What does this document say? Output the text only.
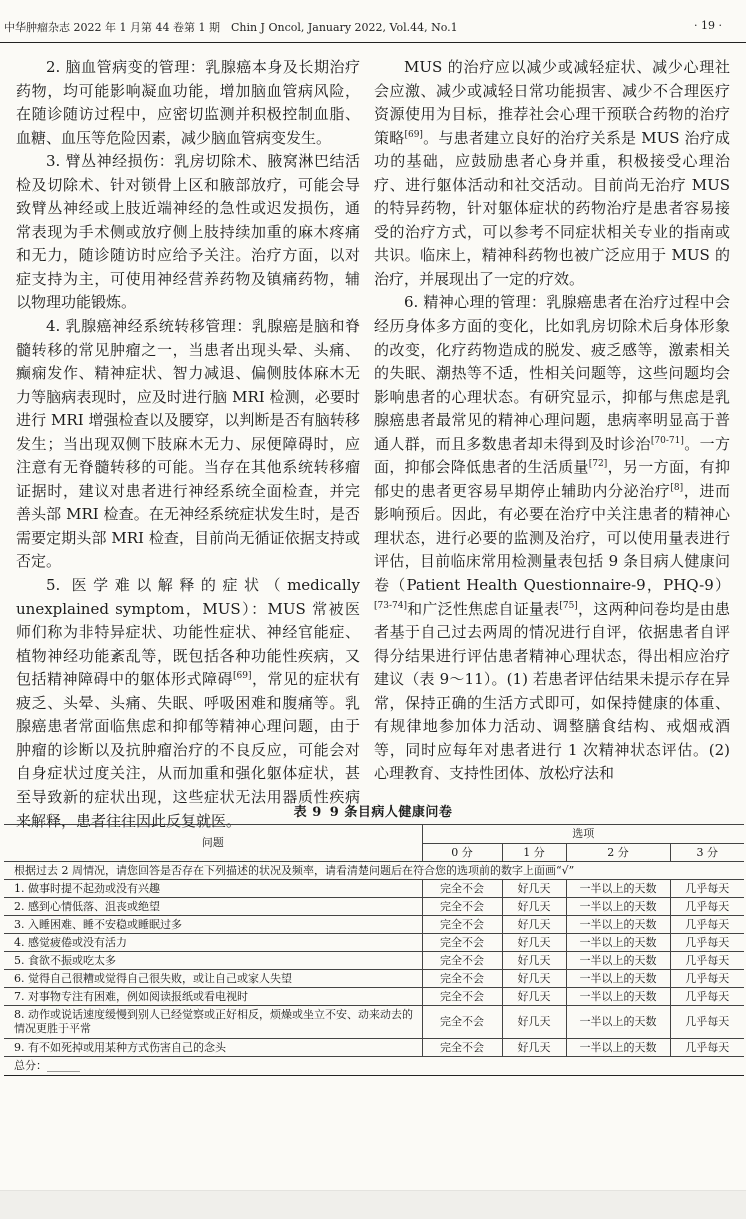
中华肿瘤杂志 2022 年 1 月第 44 卷第 1 期　Chin J Oncol, January 2022, Vol.44, No.1	· 19 ·

2. 脑血管病变的管理：乳腺癌本身及长期治疗药物，均可能影响凝血功能，增加脑血管病风险，在随诊随访过程中，应密切监测并积极控制血脂、血糖、血压等危险因素，减少脑血管病变发生。

3. 臂丛神经损伤：乳房切除术、腋窝淋巴结活检及切除术、针对锁骨上区和腋部放疗，可能会导致臂丛神经或上肢近端神经的急性或迟发损伤，通常表现为手术侧或放疗侧上肢持续加重的麻木疼痛和无力，随诊随访时应给予关注。治疗方面，以对症支持为主，可使用神经营养药物及镇痛药物，辅以物理功能锻炼。

4. 乳腺癌神经系统转移管理：乳腺癌是脑和脊髓转移的常见肿瘤之一，当患者出现头晕、头痛、癫痫发作、精神症状、智力减退、偏侧肢体麻木无力等脑病表现时，应及时进行脑 MRI 检测，必要时进行 MRI 增强检查以及腰穿，以判断是否有脑转移发生；当出现双侧下肢麻木无力、尿便障碍时，应注意有无脊髓转移的可能。当存在其他系统转移瘤证据时，建议对患者进行神经系统全面检查，并完善头部 MRI 检查。在无神经系统症状发生时，是否需要定期头部 MRI 检查，目前尚无循证依据支持或否定。

5. 医学难以解释的症状（medically unexplained symptom，MUS）：MUS 常被医师们称为非特异症状、功能性症状、神经官能症、植物神经功能紊乱等，既包括各种功能性疾病，又包括精神障碍中的躯体形式障碍[69]，常见的症状有疲乏、头晕、头痛、失眠、呼吸困难和腹痛等。乳腺癌患者常面临焦虑和抑郁等精神心理问题，由于肿瘤的诊断以及抗肿瘤治疗的不良反应，可能会对自身症状过度关注，从而加重和强化躯体症状，甚至导致新的症状出现，这些症状无法用器质性疾病来解释，患者往往因此反复就医。

MUS 的治疗应以减少或减轻症状、减少心理社会应激、减少或减轻日常功能损害、减少不合理医疗资源使用为目标，推荐社会心理干预联合药物的治疗策略[69]。与患者建立良好的治疗关系是 MUS 治疗成功的基础，应鼓励患者心身并重，积极接受心理治疗、进行躯体活动和社交活动。目前尚无治疗 MUS 的特异药物，针对躯体症状的药物治疗是患者容易接受的治疗方式，可以参考不同症状相关专业的指南或共识。临床上，精神科药物也被广泛应用于 MUS 的治疗，并展现出了一定的疗效。

6. 精神心理的管理：乳腺癌患者在治疗过程中会经历身体多方面的变化，比如乳房切除术后身体形象的改变，化疗药物造成的脱发、疲乏感等，激素相关的失眠、潮热等不适，性相关问题等，这些问题均会影响患者的心理状态。有研究显示，抑郁与焦虑是乳腺癌患者最常见的精神心理问题，患病率明显高于普通人群，而且多数患者却未得到及时诊治[70-71]。一方面，抑郁会降低患者的生活质量[72]，另一方面，有抑郁史的患者更容易早期停止辅助内分泌治疗[8]，进而影响预后。因此，有必要在治疗中关注患者的精神心理状态，进行必要的监测及治疗，可以使用量表进行评估，目前临床常用检测量表包括 9 条目病人健康问卷（Patient Health Questionnaire-9，PHQ-9）[73-74]和广泛性焦虑自证量表[75]，这两种问卷均是由患者基于自己过去两周的情况进行自评，依据患者自评得分结果进行评估患者精神心理状态，得出相应治疗建议（表 9～11）。(1) 若患者评估结果未提示存在异常，保持正确的生活方式即可，如保持健康的体重、有规律地参加体力活动、调整膳食结构、戒烟戒酒等，同时应每年对患者进行 1 次精神状态评估。(2) 心理教育、支持性团体、放松疗法和

表 9 9 条目病人健康问卷
问题	选项			
	0 分	1 分	2 分	3 分
根据过去 2 周情况，请您回答是否存在下列描述的状况及频率，请看清楚问题后在符合您的选项前的数字上面画“√”				
1. 做事时提不起劲或没有兴趣	完全不会	好几天	一半以上的天数	几乎每天
2. 感到心情低落、沮丧或绝望	完全不会	好几天	一半以上的天数	几乎每天
3. 入睡困难、睡不安稳或睡眠过多	完全不会	好几天	一半以上的天数	几乎每天
4. 感觉疲倦或没有活力	完全不会	好几天	一半以上的天数	几乎每天
5. 食欲不振或吃太多	完全不会	好几天	一半以上的天数	几乎每天
6. 觉得自己很糟或觉得自己很失败，或让自己或家人失望	完全不会	好几天	一半以上的天数	几乎每天
7. 对事物专注有困难，例如阅读报纸或看电视时	完全不会	好几天	一半以上的天数	几乎每天
8. 动作或说话速度缓慢到别人已经觉察或正好相反，烦燥或坐立不安、动来动去的情况更胜于平常	完全不会	好几天	一半以上的天数	几乎每天
9. 有不如死掉或用某种方式伤害自己的念头	完全不会	好几天	一半以上的天数	几乎每天
总分：______				
